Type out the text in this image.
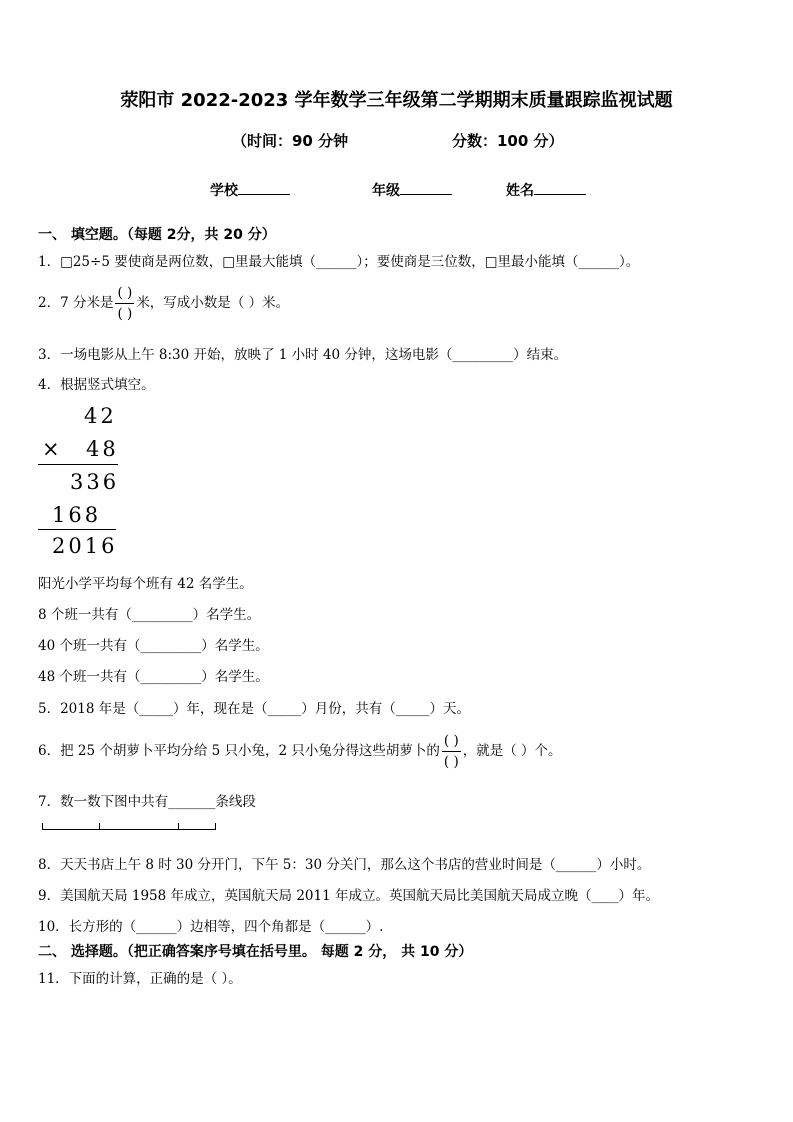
荥阳市 2022-2023 学年数学三年级第二学期期末质量跟踪监视试题
（时间：90 分钟	分数：100 分）
学校	年级	姓名
一、 填空题。（每题 2分，共 20 分）
1．□25÷5 要使商是两位数，□里最大能填（______）；要使商是三位数，□里最小能填（______）。
2．7 分米是 $\frac{( )}{( )}$ 米，写成小数是（ ）米。
3．一场电影从上午 8:30 开始，放映了 1 小时 40 分钟，这场电影（_________）结束。
4．根据竖式填空。
42
× 48
336
168
2016
阳光小学平均每个班有 42 名学生。
8 个班一共有（_________）名学生。
40 个班一共有（_________）名学生。
48 个班一共有（_________）名学生。
5．2018 年是（_____）年，现在是（_____）月份，共有（_____）天。
6．把 25 个胡萝卜平均分给 5 只小兔，2 只小兔分得这些胡萝卜的 $\frac{( )}{( )}$ ，就是（ ）个。
7．数一数下图中共有_______条线段
8．天天书店上午 8 时 30 分开门，下午 5：30 分关门，那么这个书店的营业时间是（______）小时。
9．美国航天局 1958 年成立，英国航天局 2011 年成立。英国航天局比美国航天局成立晚（____）年。
10．长方形的（______）边相等，四个角都是（______）.
二、 选择题。（把正确答案序号填在括号里。 每题 2 分， 共 10 分）
11．下面的计算，正确的是（ ）。
